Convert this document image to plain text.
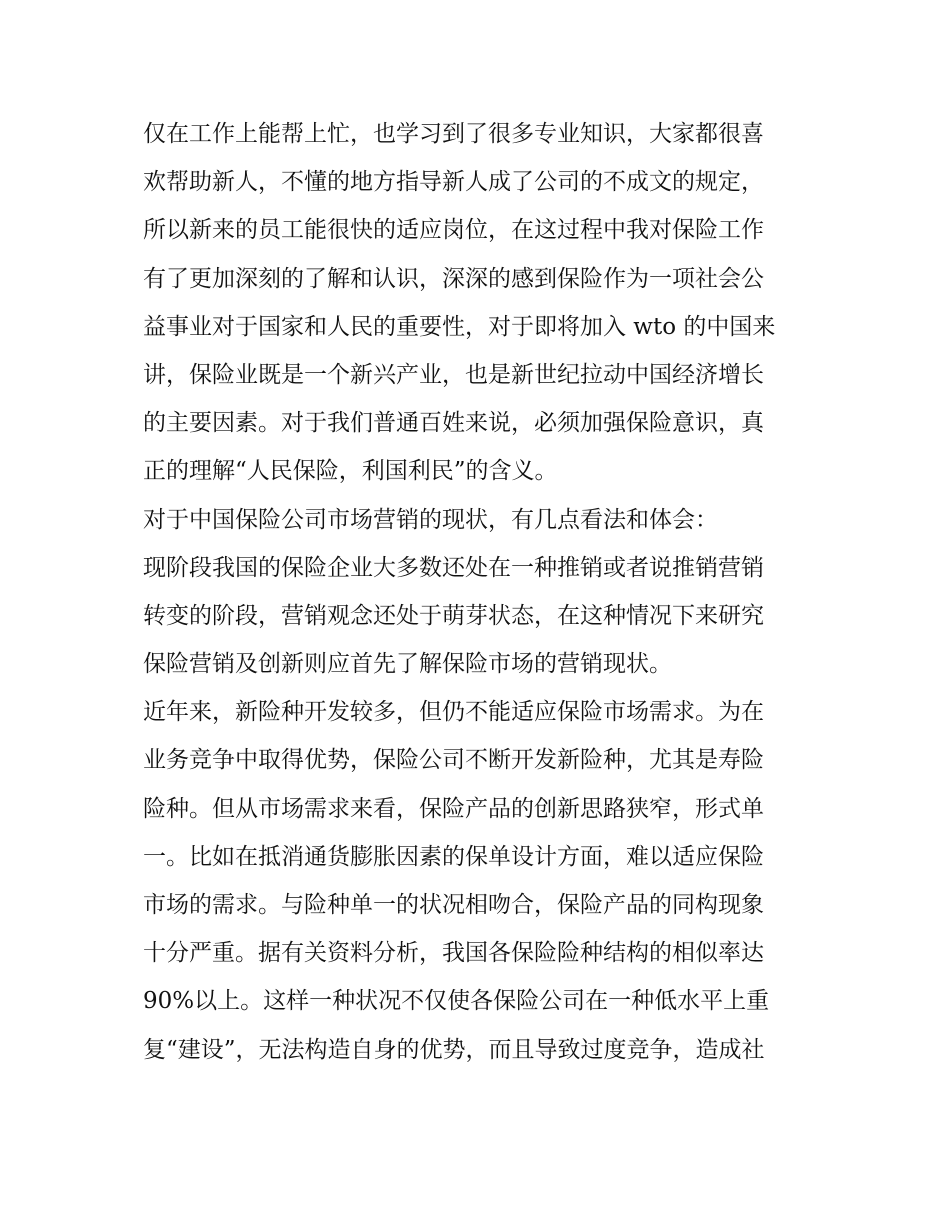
仅在工作上能帮上忙，也学习到了很多专业知识，大家都很喜
欢帮助新人，不懂的地方指导新人成了公司的不成文的规定，
所以新来的员工能很快的适应岗位，在这过程中我对保险工作
有了更加深刻的了解和认识，深深的感到保险作为一项社会公
益事业对于国家和人民的重要性，对于即将加入 wto 的中国来
讲，保险业既是一个新兴产业，也是新世纪拉动中国经济增长
的主要因素。对于我们普通百姓来说，必须加强保险意识，真
正的理解“人民保险，利国利民”的含义。
对于中国保险公司市场营销的现状，有几点看法和体会：
现阶段我国的保险企业大多数还处在一种推销或者说推销营销
转变的阶段，营销观念还处于萌芽状态，在这种情况下来研究
保险营销及创新则应首先了解保险市场的营销现状。
近年来，新险种开发较多，但仍不能适应保险市场需求。为在
业务竞争中取得优势，保险公司不断开发新险种，尤其是寿险
险种。但从市场需求来看，保险产品的创新思路狭窄，形式单
一。比如在抵消通货膨胀因素的保单设计方面，难以适应保险
市场的需求。与险种单一的状况相吻合，保险产品的同构现象
十分严重。据有关资料分析，我国各保险险种结构的相似率达
90%以上。这样一种状况不仅使各保险公司在一种低水平上重
复“建设”，无法构造自身的优势，而且导致过度竞争，造成社
